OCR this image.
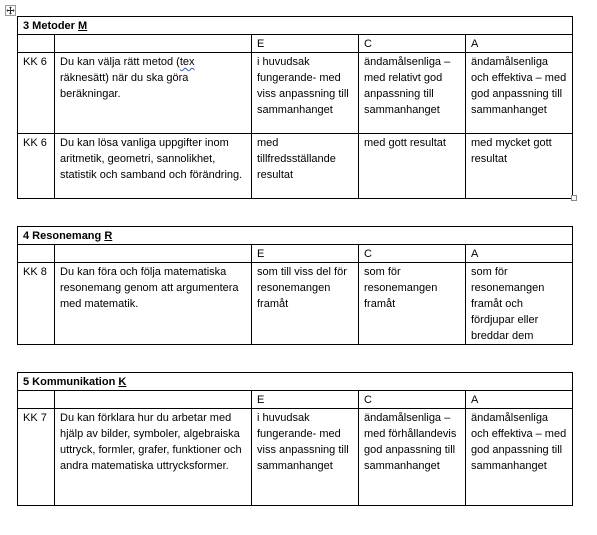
3 Metoder M				
		E	C	A
KK 6	Du kan välja rätt metod (tex räknesätt) när du ska göra beräkningar.	i huvudsak fungerande- med viss anpassning till sammanhanget	ändamålsenliga – med relativt god anpassning till sammanhanget	ändamålsenliga och effektiva – med god anpassning till sammanhanget
KK 6	Du kan lösa vanliga uppgifter inom aritmetik, geometri, sannolikhet, statistik och samband och förändring.	med tillfredsställande resultat	med gott resultat	med mycket gott resultat
4 Resonemang R				
		E	C	A
KK 8	Du kan föra och följa matematiska resonemang genom att argumentera med matematik.	som till viss del för resonemangen framåt	som för resonemangen framåt	som för resonemangen framåt och fördjupar eller breddar dem
5 Kommunikation K				
		E	C	A
KK 7	Du kan förklara hur du arbetar med hjälp av bilder, symboler, algebraiska uttryck, formler, grafer, funktioner och andra matematiska uttrycksformer.	i huvudsak fungerande- med viss anpassning till sammanhanget	ändamålsenliga – med förhållandevis god anpassning till sammanhanget	ändamålsenliga och effektiva – med god anpassning till sammanhanget
